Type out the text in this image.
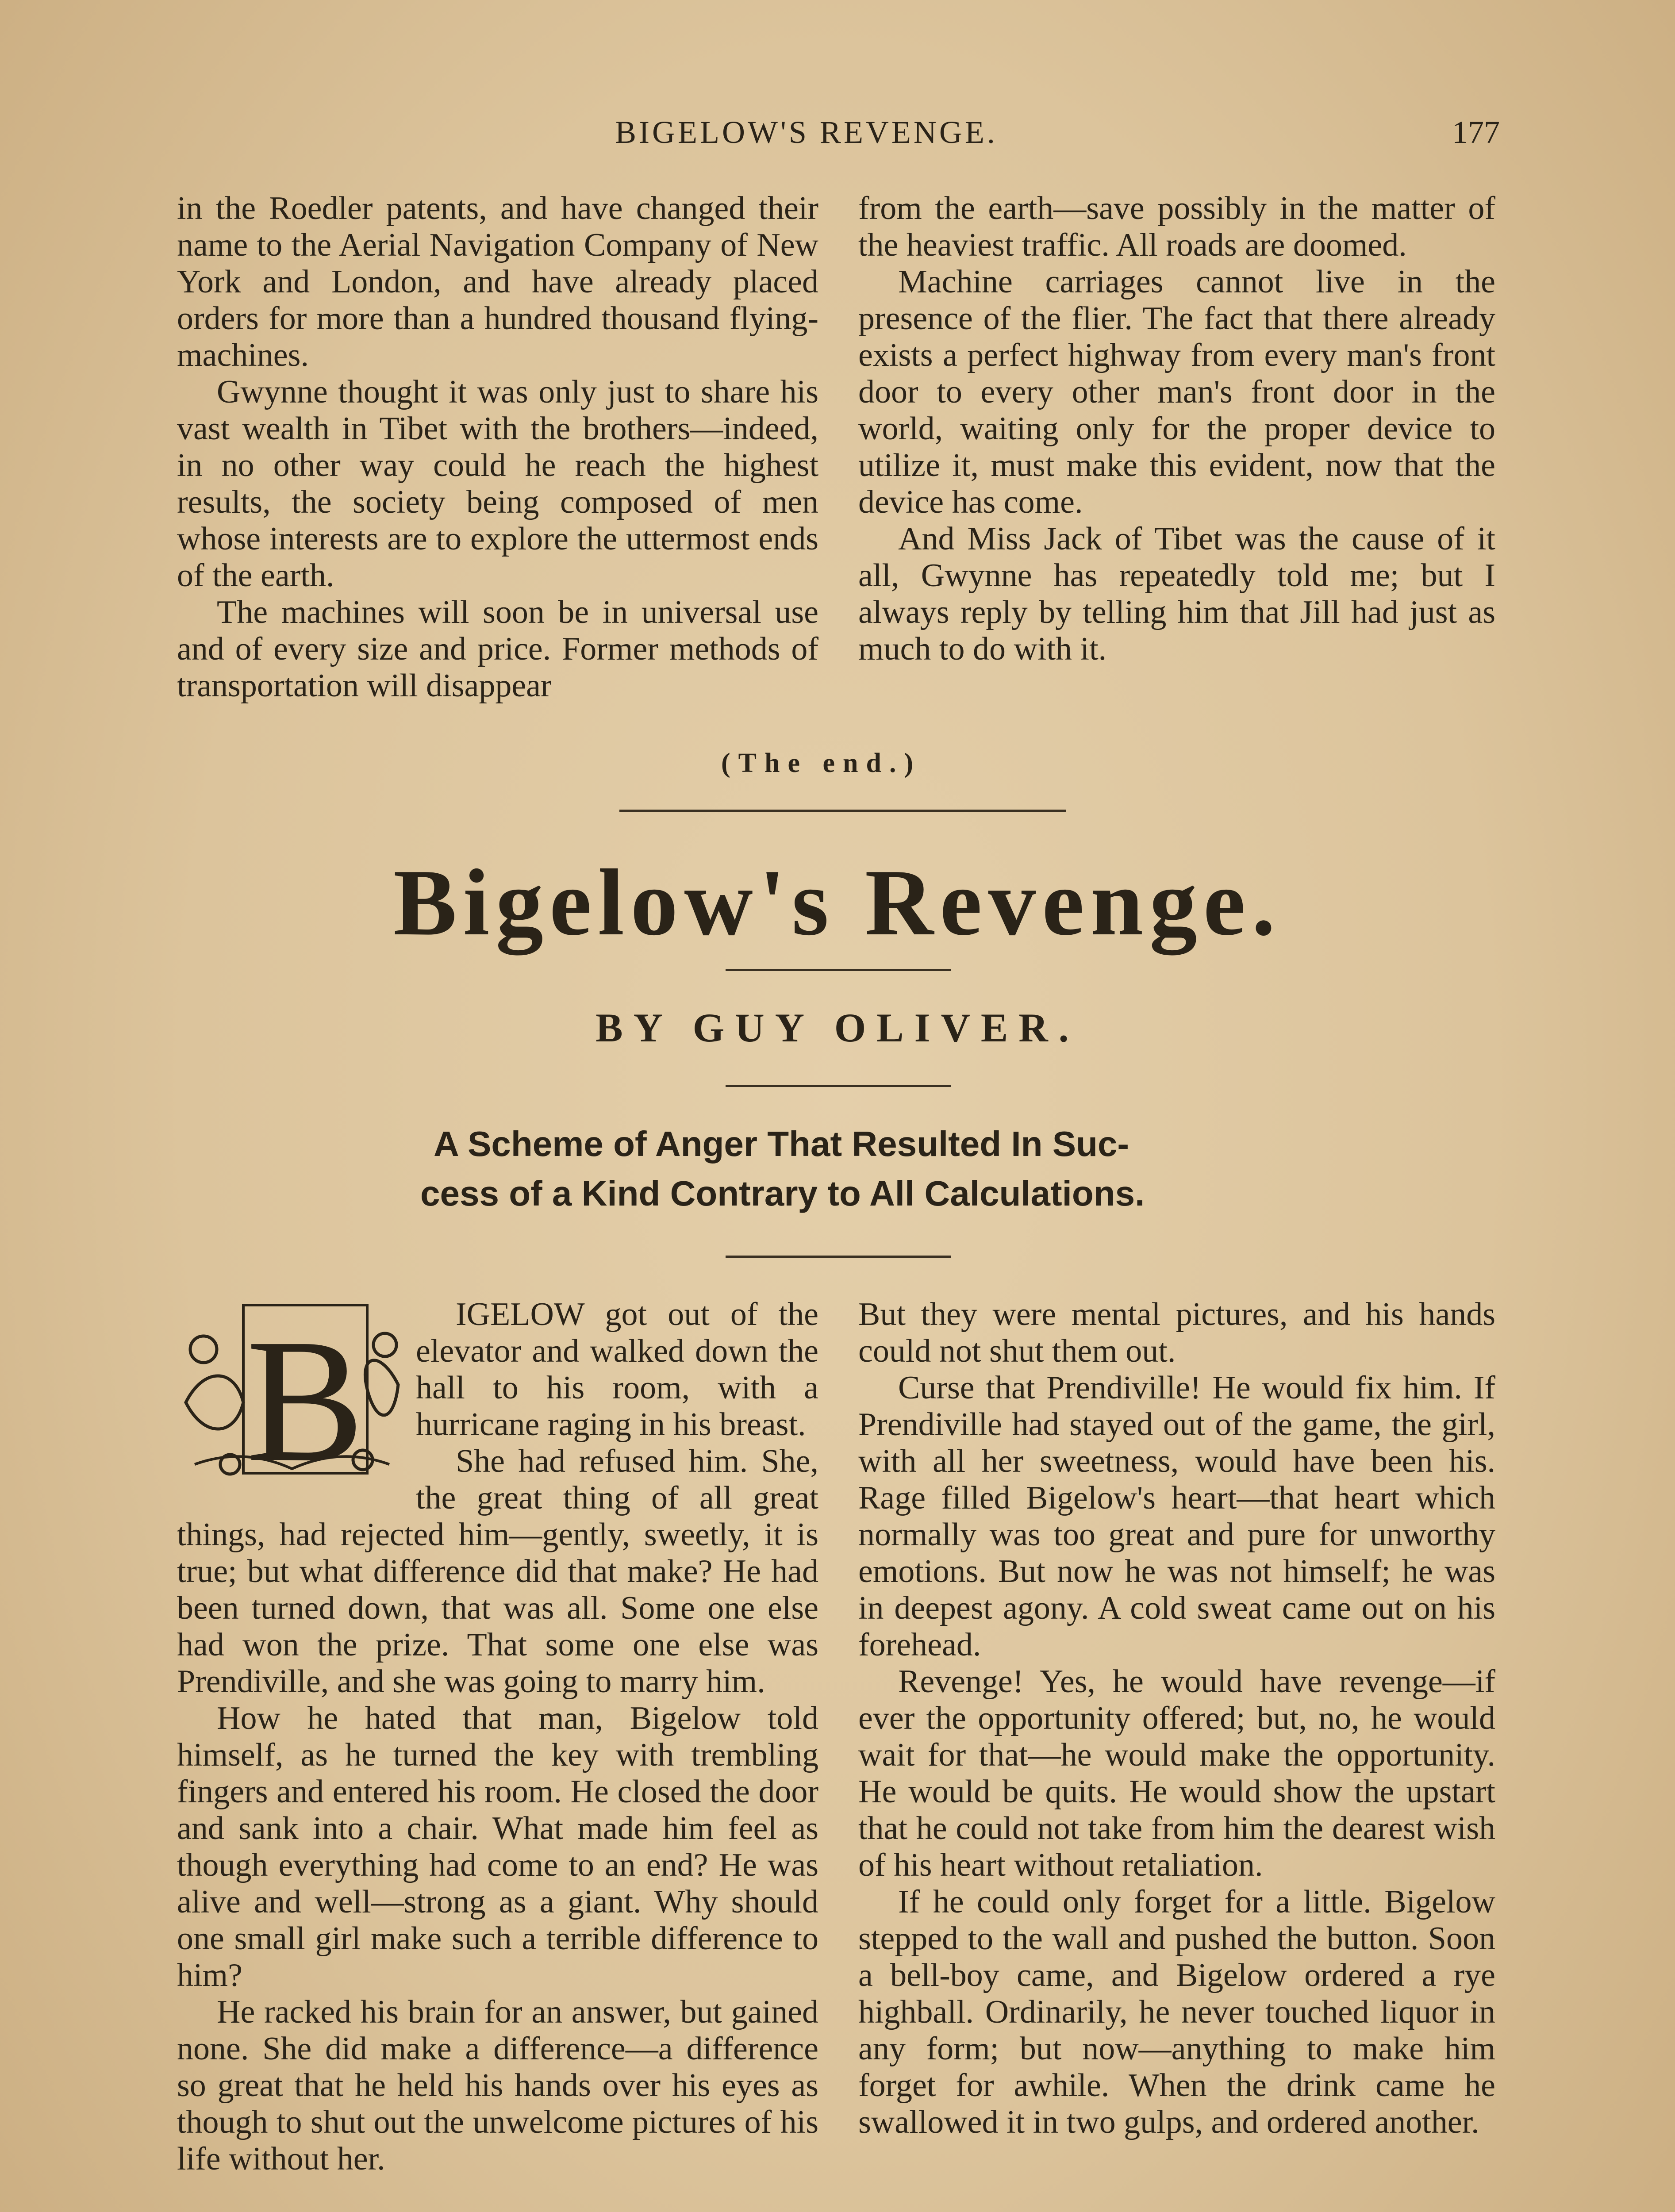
BIGELOW'S REVENGE.	177

in the Roedler patents, and have changed their name to the Aerial Navigation Company of New York and London, and have already placed orders for more than a hundred thousand flying-machines.

Gwynne thought it was only just to share his vast wealth in Tibet with the brothers—indeed, in no other way could he reach the highest results, the society being composed of men whose interests are to explore the uttermost ends of the earth.

The machines will soon be in universal use and of every size and price. Former methods of transportation will disappear

from the earth—save possibly in the matter of the heaviest traffic. All roads are doomed.

Machine carriages cannot live in the presence of the flier. The fact that there already exists a perfect highway from every man's front door to every other man's front door in the world, waiting only for the proper device to utilize it, must make this evident, now that the device has come.

And Miss Jack of Tibet was the cause of it all, Gwynne has repeatedly told me; but I always reply by telling him that Jill had just as much to do with it.

(The end.)
Bigelow's Revenge.
BY GUY OLIVER.
A Scheme of Anger That Resulted In Suc-
cess of a Kind Contrary to All Calculations.
B	IGELOW got out of the elevator and walked down the hall to his room, with a hurricane raging in his breast.

She had refused him. She, the great thing of all great things, had rejected him—gently, sweetly, it is true; but what difference did that make? He had been turned down, that was all. Some one else had won the prize. That some one else was Prendiville, and she was going to marry him.

How he hated that man, Bigelow told himself, as he turned the key with trembling fingers and entered his room. He closed the door and sank into a chair. What made him feel as though everything had come to an end? He was alive and well—strong as a giant. Why should one small girl make such a terrible difference to him?

He racked his brain for an answer, but gained none. She did make a difference—a difference so great that he held his hands over his eyes as though to shut out the unwelcome pictures of his life without her.

But they were mental pictures, and his hands could not shut them out.

Curse that Prendiville! He would fix him. If Prendiville had stayed out of the game, the girl, with all her sweetness, would have been his. Rage filled Bigelow's heart—that heart which normally was too great and pure for unworthy emotions. But now he was not himself; he was in deepest agony. A cold sweat came out on his forehead.

Revenge! Yes, he would have revenge—if ever the opportunity offered; but, no, he would wait for that—he would make the opportunity. He would be quits. He would show the upstart that he could not take from him the dearest wish of his heart without retaliation.

If he could only forget for a little. Bigelow stepped to the wall and pushed the button. Soon a bell-boy came, and Bigelow ordered a rye highball. Ordinarily, he never touched liquor in any form; but now—anything to make him forget for awhile. When the drink came he swallowed it in two gulps, and ordered another.
